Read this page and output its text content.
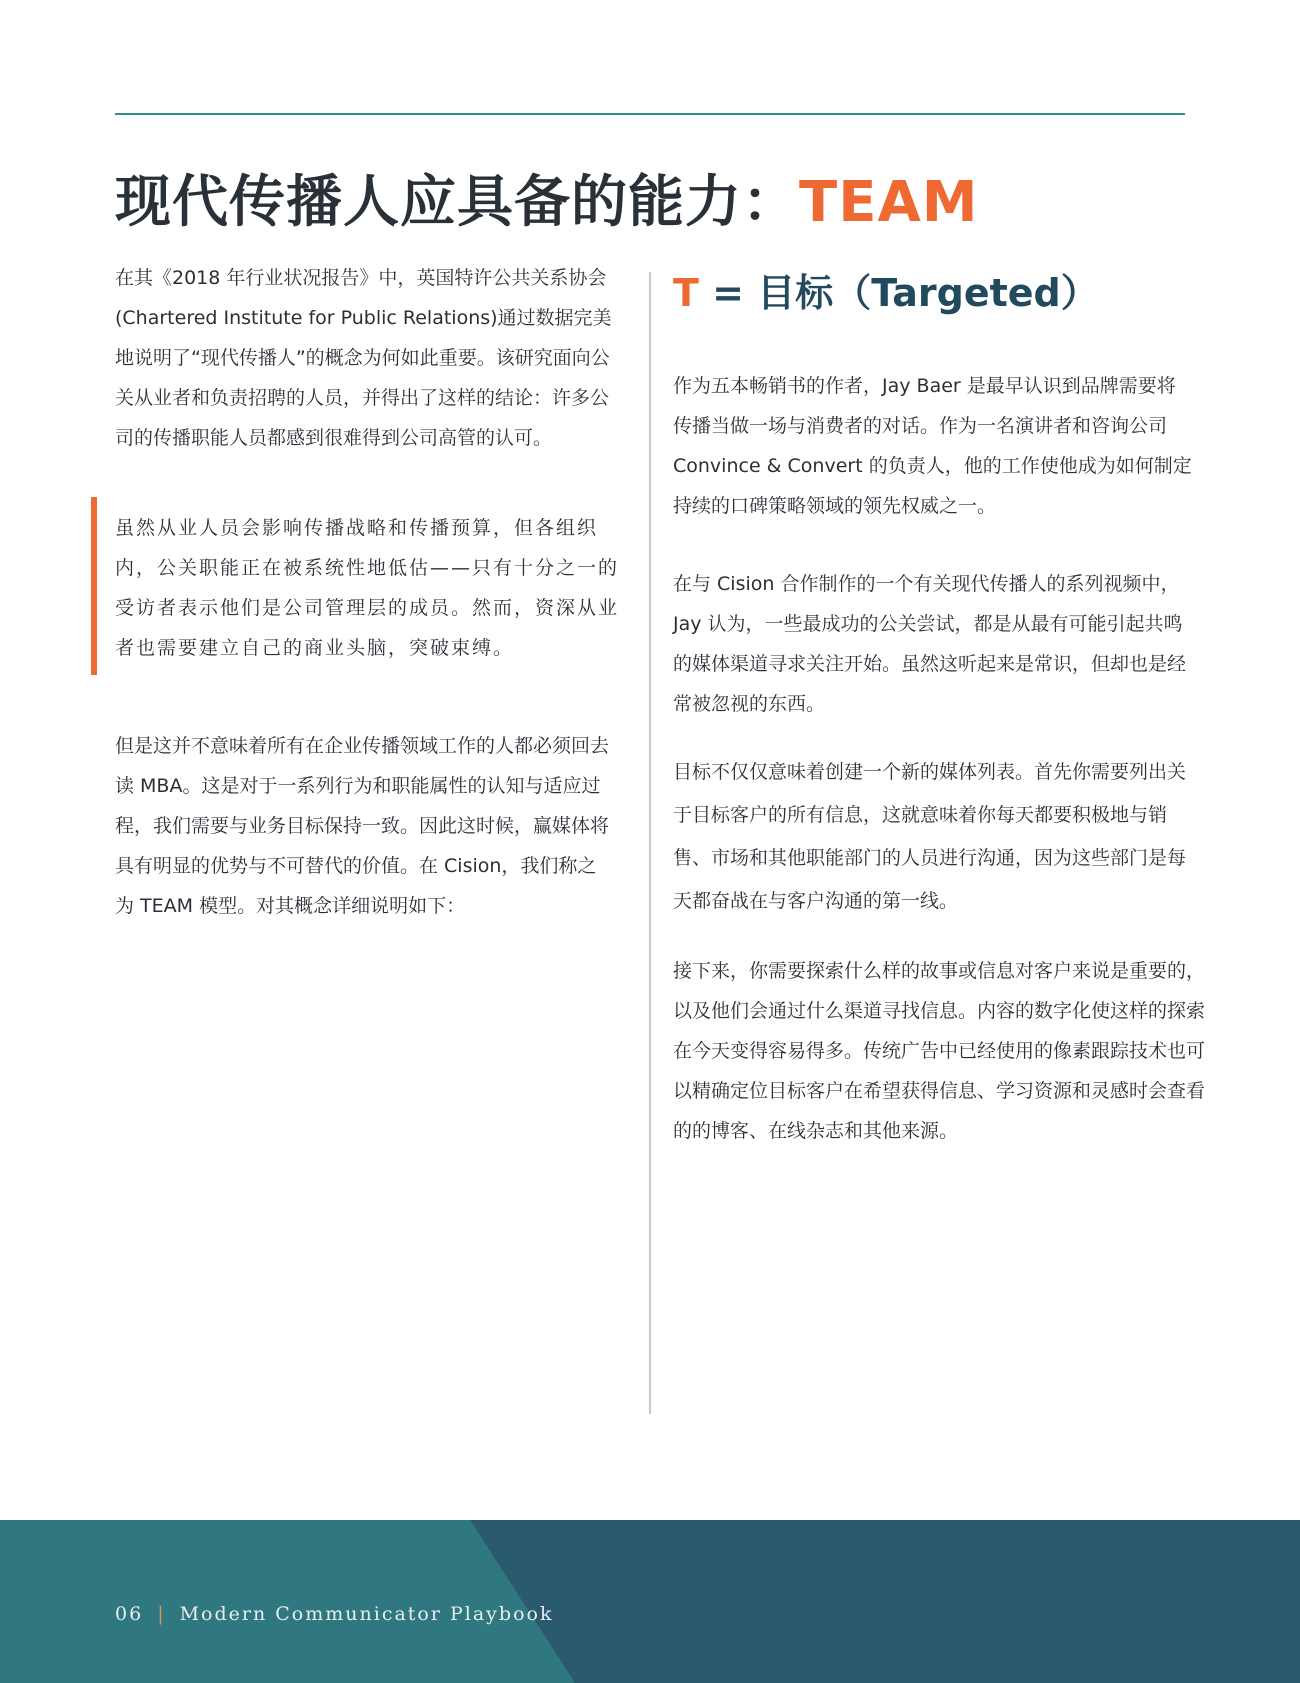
现代传播人应具备的能力：TEAM

在其《2018 年行业状况报告》中，英国特许公共关系协会(Chartered Institute for Public Relations)通过数据完美地说明了“现代传播人”的概念为何如此重要。该研究面向公关从业者和负责招聘的人员，并得出了这样的结论：许多公司的传播职能人员都感到很难得到公司高管的认可。

虽然从业人员会影响传播战略和传播预算，但各组织内，公关职能正在被系统性地低估——只有十分之一的受访者表示他们是公司管理层的成员。然而，资深从业者也需要建立自己的商业头脑，突破束缚。

但是这并不意味着所有在企业传播领域工作的人都必须回去读 MBA。这是对于一系列行为和职能属性的认知与适应过程，我们需要与业务目标保持一致。因此这时候，赢媒体将具有明显的优势与不可替代的价值。在 Cision，我们称之为 TEAM 模型。对其概念详细说明如下：

T = 目标（Targeted）

作为五本畅销书的作者，Jay Baer 是最早认识到品牌需要将传播当做一场与消费者的对话。作为一名演讲者和咨询公司 Convince & Convert 的负责人，他的工作使他成为如何制定持续的口碑策略领域的领先权威之一。

在与 Cision 合作制作的一个有关现代传播人的系列视频中，Jay 认为，一些最成功的公关尝试，都是从最有可能引起共鸣的媒体渠道寻求关注开始。虽然这听起来是常识，但却也是经常被忽视的东西。

目标不仅仅意味着创建一个新的媒体列表。首先你需要列出关于目标客户的所有信息，这就意味着你每天都要积极地与销售、市场和其他职能部门的人员进行沟通，因为这些部门是每天都奋战在与客户沟通的第一线。

接下来，你需要探索什么样的故事或信息对客户来说是重要的，以及他们会通过什么渠道寻找信息。内容的数字化使这样的探索在今天变得容易得多。传统广告中已经使用的像素跟踪技术也可以精确定位目标客户在希望获得信息、学习资源和灵感时会查看的的博客、在线杂志和其他来源。

06 | Modern Communicator Playbook
